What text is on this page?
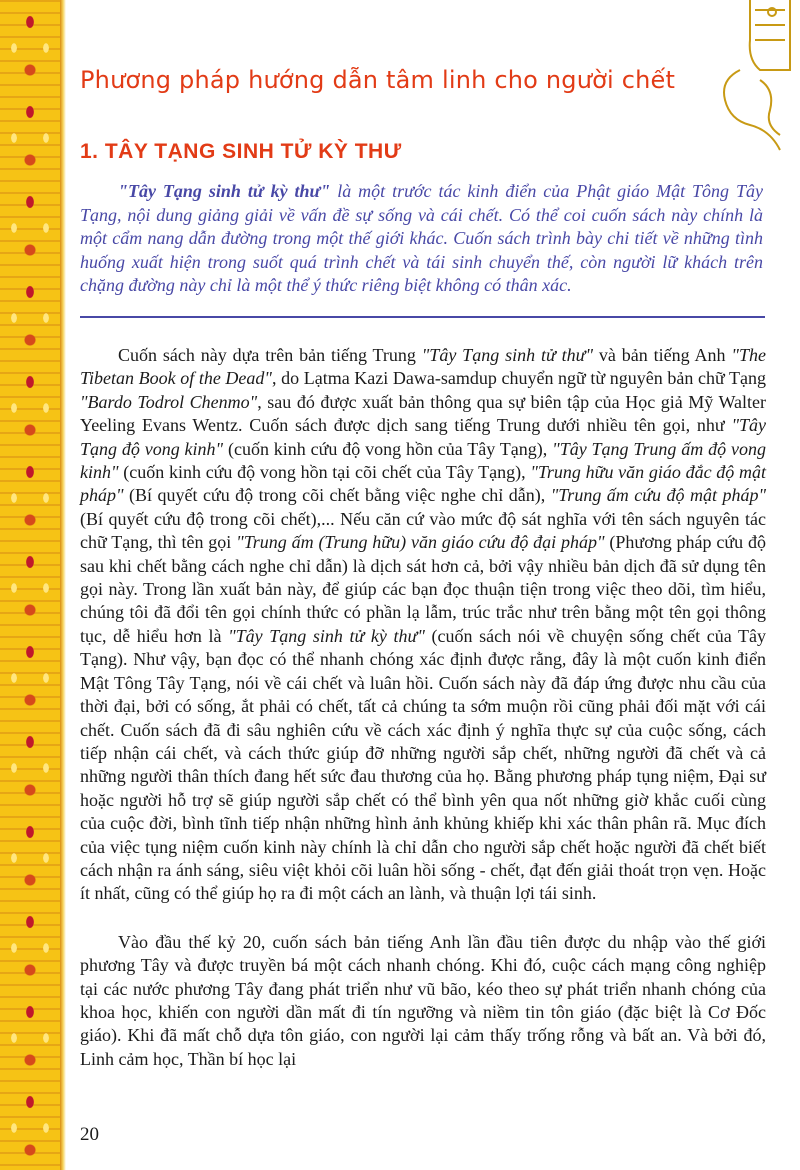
Phương pháp hướng dẫn tâm linh cho người chết
1. TÂY TẠNG SINH TỬ KỲ THƯ

"Tây Tạng sinh tử kỳ thư" là một trước tác kinh điển của Phật giáo Mật Tông Tây Tạng, nội dung giảng giải về vấn đề sự sống và cái chết. Có thể coi cuốn sách này chính là một cẩm nang dẫn đường trong một thế giới khác. Cuốn sách trình bày chi tiết về những tình huống xuất hiện trong suốt quá trình chết và tái sinh chuyển thế, còn người lữ khách trên chặng đường này chỉ là một thể ý thức riêng biệt không có thân xác.

Cuốn sách này dựa trên bản tiếng Trung "Tây Tạng sinh tử thư" và bản tiếng Anh "The Tibetan Book of the Dead", do Lạtma Kazi Dawa-samdup chuyển ngữ từ nguyên bản chữ Tạng "Bardo Todrol Chenmo", sau đó được xuất bản thông qua sự biên tập của Học giả Mỹ Walter Yeeling Evans Wentz. Cuốn sách được dịch sang tiếng Trung dưới nhiều tên gọi, như "Tây Tạng độ vong kinh" (cuốn kinh cứu độ vong hồn của Tây Tạng), "Tây Tạng Trung ấm độ vong kinh" (cuốn kinh cứu độ vong hồn tại cõi chết của Tây Tạng), "Trung hữu văn giáo đắc độ mật pháp" (Bí quyết cứu độ trong cõi chết bằng việc nghe chỉ dẫn), "Trung ấm cứu độ mật pháp" (Bí quyết cứu độ trong cõi chết),... Nếu căn cứ vào mức độ sát nghĩa với tên sách nguyên tác chữ Tạng, thì tên gọi "Trung ấm (Trung hữu) văn giáo cứu độ đại pháp" (Phương pháp cứu độ sau khi chết bằng cách nghe chỉ dẫn) là dịch sát hơn cả, bởi vậy nhiều bản dịch đã sử dụng tên gọi này. Trong lần xuất bản này, để giúp các bạn đọc thuận tiện trong việc theo dõi, tìm hiểu, chúng tôi đã đổi tên gọi chính thức có phần lạ lẫm, trúc trắc như trên bằng một tên gọi thông tục, dễ hiểu hơn là "Tây Tạng sinh tử kỳ thư" (cuốn sách nói về chuyện sống chết của Tây Tạng). Như vậy, bạn đọc có thể nhanh chóng xác định được rằng, đây là một cuốn kinh điển Mật Tông Tây Tạng, nói về cái chết và luân hồi. Cuốn sách này đã đáp ứng được nhu cầu của thời đại, bởi có sống, ắt phải có chết, tất cả chúng ta sớm muộn rồi cũng phải đối mặt với cái chết. Cuốn sách đã đi sâu nghiên cứu về cách xác định ý nghĩa thực sự của cuộc sống, cách tiếp nhận cái chết, và cách thức giúp đỡ những người sắp chết, những người đã chết và cả những người thân thích đang hết sức đau thương của họ. Bằng phương pháp tụng niệm, Đại sư hoặc người hỗ trợ sẽ giúp người sắp chết có thể bình yên qua nốt những giờ khắc cuối cùng của cuộc đời, bình tĩnh tiếp nhận những hình ảnh khủng khiếp khi xác thân phân rã. Mục đích của việc tụng niệm cuốn kinh này chính là chỉ dẫn cho người sắp chết hoặc người đã chết biết cách nhận ra ánh sáng, siêu việt khỏi cõi luân hồi sống - chết, đạt đến giải thoát trọn vẹn. Hoặc ít nhất, cũng có thể giúp họ ra đi một cách an lành, và thuận lợi tái sinh.

Vào đầu thế kỷ 20, cuốn sách bản tiếng Anh lần đầu tiên được du nhập vào thế giới phương Tây và được truyền bá một cách nhanh chóng. Khi đó, cuộc cách mạng công nghiệp tại các nước phương Tây đang phát triển như vũ bão, kéo theo sự phát triển nhanh chóng của khoa học, khiến con người dần mất đi tín ngưỡng và niềm tin tôn giáo (đặc biệt là Cơ Đốc giáo). Khi đã mất chỗ dựa tôn giáo, con người lại cảm thấy trống rỗng và bất an. Và bởi đó, Linh cảm học, Thần bí học lại

20
